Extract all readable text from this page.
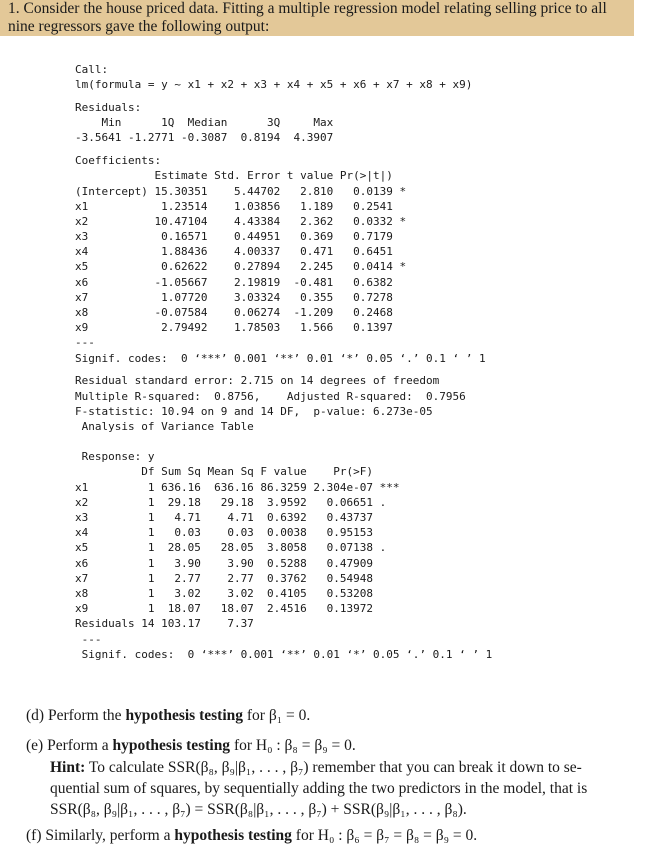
1. Consider the house priced data. Fitting a multiple regression model relating selling price to all
nine regressors gave the following output:
Call:
lm(formula = y ~ x1 + x2 + x3 + x4 + x5 + x6 + x7 + x8 + x9)
Residuals:
Min      1Q  Median      3Q     Max
-3.5641 -1.2771 -0.3087  0.8194  4.3907
Coefficients:
Estimate Std. Error t value Pr(>|t|)
(Intercept) 15.30351    5.44702   2.810   0.0139 *
x1           1.23514    1.03856   1.189   0.2541
x2          10.47104    4.43384   2.362   0.0332 *
x3           0.16571    0.44951   0.369   0.7179
x4           1.88436    4.00337   0.471   0.6451
x5           0.62622    0.27894   2.245   0.0414 *
x6          -1.05667    2.19819  -0.481   0.6382
x7           1.07720    3.03324   0.355   0.7278
x8          -0.07584    0.06274  -1.209   0.2468
x9           2.79492    1.78503   1.566   0.1397
---
Signif. codes:  0 ‘***’ 0.001 ‘**’ 0.01 ‘*’ 0.05 ‘.’ 0.1 ‘ ’ 1
Residual standard error: 2.715 on 14 degrees of freedom
Multiple R-squared:  0.8756,    Adjusted R-squared:  0.7956
F-statistic: 10.94 on 9 and 14 DF,  p-value: 6.273e-05
Analysis of Variance Table
Response: y
Df Sum Sq Mean Sq F value    Pr(>F)
x1         1 636.16  636.16 86.3259 2.304e-07 ***
x2         1  29.18   29.18  3.9592   0.06651 .
x3         1   4.71    4.71  0.6392   0.43737
x4         1   0.03    0.03  0.0038   0.95153
x5         1  28.05   28.05  3.8058   0.07138 .
x6         1   3.90    3.90  0.5288   0.47909
x7         1   2.77    2.77  0.3762   0.54948
x8         1   3.02    3.02  0.4105   0.53208
x9         1  18.07   18.07  2.4516   0.13972
Residuals 14 103.17    7.37
---
Signif. codes:  0 ‘***’ 0.001 ‘**’ 0.01 ‘*’ 0.05 ‘.’ 0.1 ‘ ’ 1
(d) Perform the hypothesis testing for β₁ = 0.
(e) Perform a hypothesis testing for H₀ : β₈ = β₉ = 0.
Hint: To calculate SSR(β₈, β₉|β₁, . . . , β₇) remember that you can break it down to se-
quential sum of squares, by sequentially adding the two predictors in the model, that is
SSR(β₈, β₉|β₁, . . . , β₇) = SSR(β₈|β₁, . . . , β₇) + SSR(β₉|β₁, . . . , β₈).
(f) Similarly, perform a hypothesis testing for H₀ : β₆ = β₇ = β₈ = β₉ = 0.
